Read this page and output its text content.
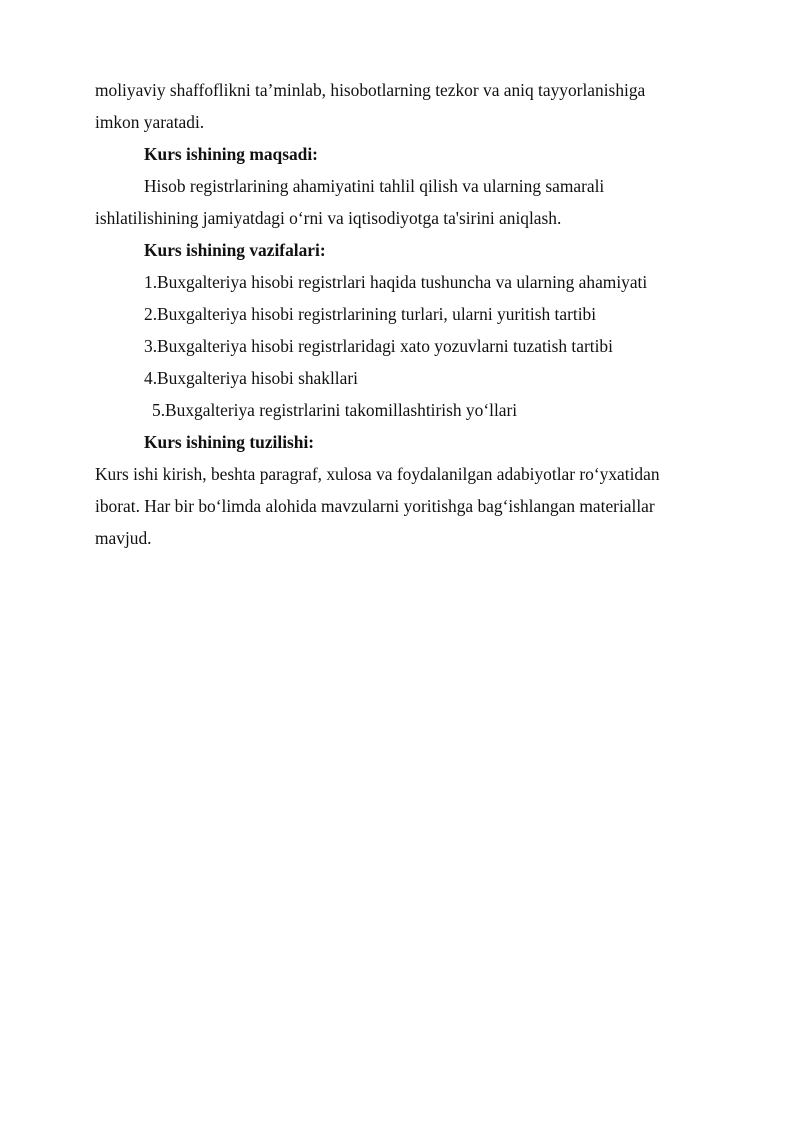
moliyaviy shaffoflikni ta’minlab, hisobotlarning tezkor va aniq tayyorlanishiga
imkon yaratadi.
Kurs ishining maqsadi:
Hisob registrlarining ahamiyatini tahlil qilish va ularning samarali
ishlatilishining jamiyatdagi o‘rni va iqtisodiyotga ta'sirini aniqlash.
Kurs ishining vazifalari:
1.Buxgalteriya hisobi registrlari haqida tushuncha va ularning ahamiyati
2.Buxgalteriya hisobi registrlarining turlari, ularni yuritish tartibi
3.Buxgalteriya hisobi registrlaridagi xato yozuvlarni tuzatish tartibi
4.Buxgalteriya hisobi shakllari
5.Buxgalteriya registrlarini takomillashtirish yo‘llari
Kurs ishining tuzilishi:
Kurs ishi kirish, beshta paragraf, xulosa va foydalanilgan adabiyotlar ro‘yxatidan
iborat. Har bir bo‘limda alohida mavzularni yoritishga bag‘ishlangan materiallar
mavjud.
